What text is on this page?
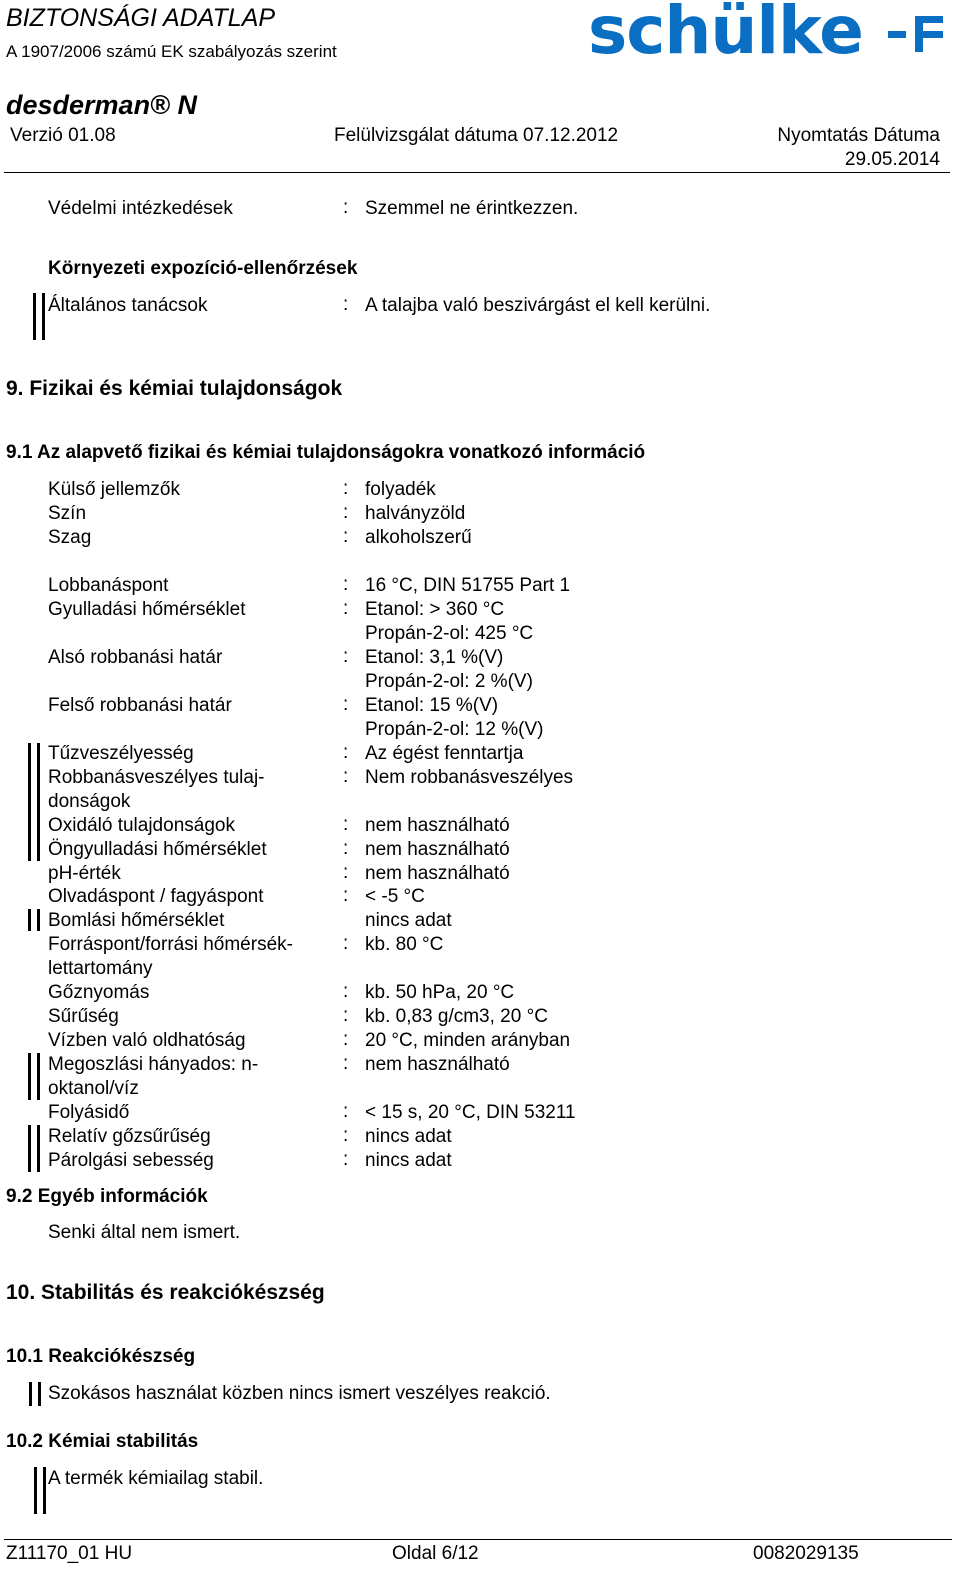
BIZTONSÁGI ADATLAP
A 1907/2006 számú EK szabályozás szerint	schülke
desderman® N
Verzió 01.08	Felülvizsgálat dátuma 07.12.2012	Nyomtatás Dátuma
29.05.2014
Védelmi intézkedések	: Szemmel ne érintkezzen.
Környezeti expozíció-ellenőrzések
Általános tanácsok	: A talajba való beszivárgást el kell kerülni.
9. Fizikai és kémiai tulajdonságok
9.1 Az alapvető fizikai és kémiai tulajdonságokra vonatkozó információ
Külső jellemzők	: folyadék
Szín	: halványzöld
Szag	: alkoholszerű
Lobbanáspont	: 16 °C, DIN 51755 Part 1
Gyulladási hőmérséklet	: Etanol: > 360 °C
Propán-2-ol: 425 °C
Alsó robbanási határ	: Etanol: 3,1 %(V)
Propán-2-ol: 2 %(V)
Felső robbanási határ	: Etanol: 15 %(V)
Propán-2-ol: 12 %(V)
Tűzveszélyesség	: Az égést fenntartja
Robbanásveszélyes tulaj-
donságok
: Nem robbanásveszélyes
Oxidáló tulajdonságok	: nem használható
Öngyulladási hőmérséklet	: nem használható
pH-érték	: nem használható
Olvadáspont / fagyáspont	: < -5 °C
Bomlási hőmérséklet	nincs adat
Forráspont/forrási hőmérsék-
lettartomány
: kb. 80 °C
Gőznyomás	: kb. 50 hPa, 20 °C
Sűrűség	: kb. 0,83 g/cm3, 20 °C
Vízben való oldhatóság	: 20 °C, minden arányban
Megoszlási hányados: n-
oktanol/víz
: nem használható
Folyásidő	: < 15 s, 20 °C, DIN 53211
Relatív gőzsűrűség	: nincs adat
Párolgási sebesség	: nincs adat
9.2 Egyéb információk
Senki által nem ismert.
10. Stabilitás és reakciókészség
10.1 Reakciókészség
Szokásos használat közben nincs ismert veszélyes reakció.
10.2 Kémiai stabilitás
A termék kémiailag stabil.
Z11170_01 HU	Oldal 6/12	0082029135
